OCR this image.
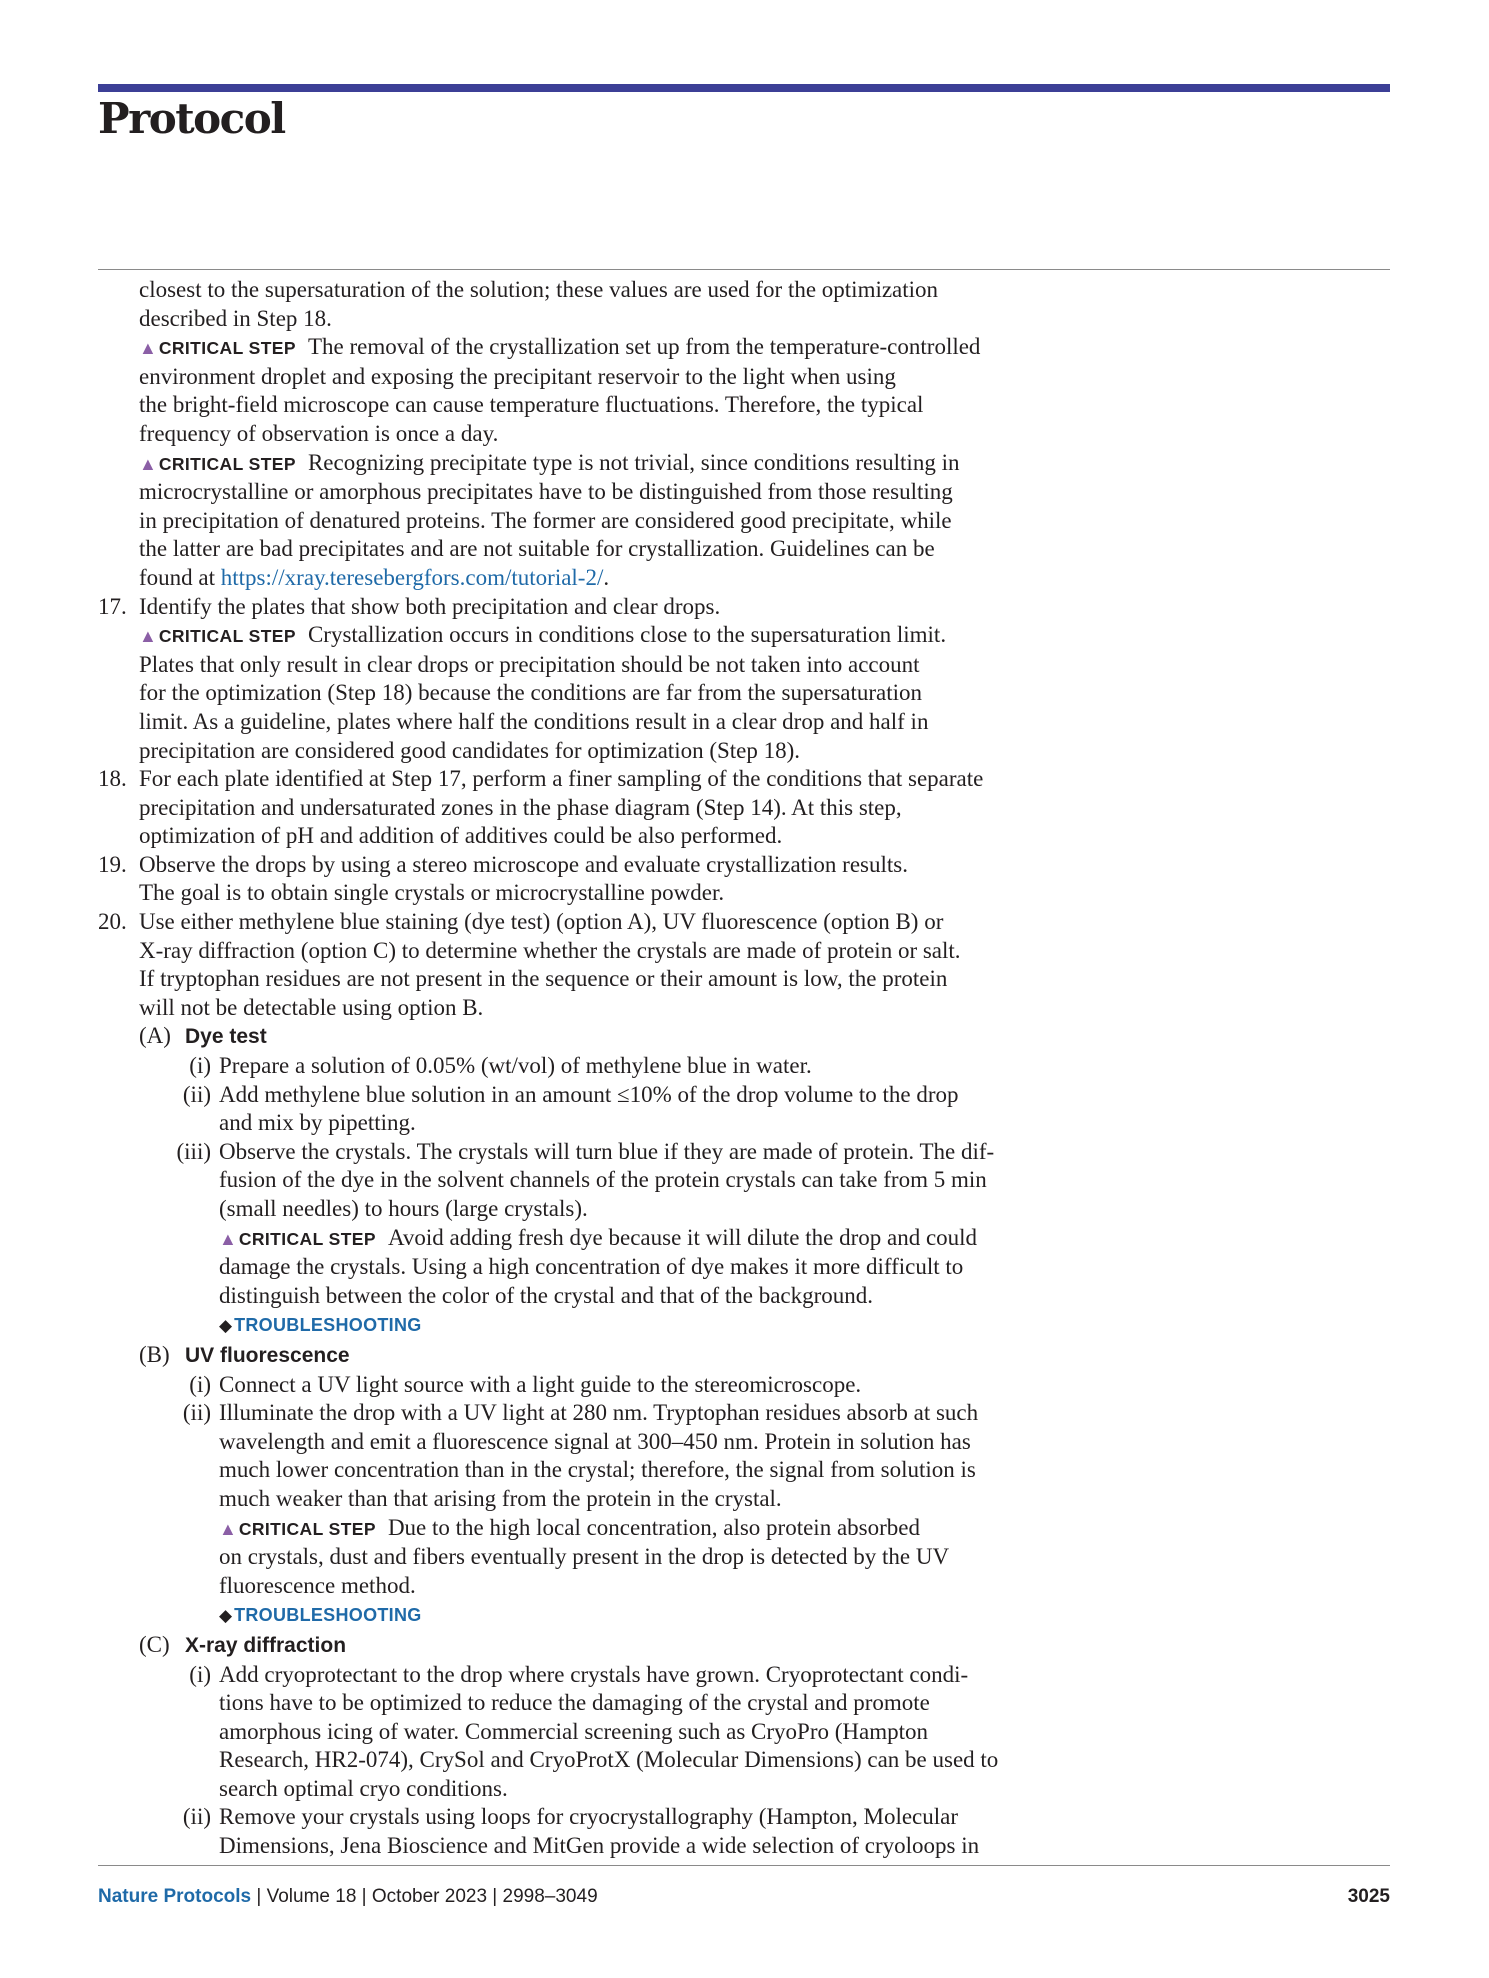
Protocol
closest to the supersaturation of the solution; these values are used for the optimization
described in Step 18.
▲ CRITICAL STEP The removal of the crystallization set up from the temperature-controlled
environment droplet and exposing the precipitant reservoir to the light when using
the bright-field microscope can cause temperature fluctuations. Therefore, the typical
frequency of observation is once a day.
▲ CRITICAL STEP Recognizing precipitate type is not trivial, since conditions resulting in
microcrystalline or amorphous precipitates have to be distinguished from those resulting
in precipitation of denatured proteins. The former are considered good precipitate, while
the latter are bad precipitates and are not suitable for crystallization. Guidelines can be
found at https://xray.teresebergfors.com/tutorial-2/.
17. Identify the plates that show both precipitation and clear drops.
▲ CRITICAL STEP Crystallization occurs in conditions close to the supersaturation limit.
Plates that only result in clear drops or precipitation should be not taken into account
for the optimization (Step 18) because the conditions are far from the supersaturation
limit. As a guideline, plates where half the conditions result in a clear drop and half in
precipitation are considered good candidates for optimization (Step 18).
18. For each plate identified at Step 17, perform a finer sampling of the conditions that separate
precipitation and undersaturated zones in the phase diagram (Step 14). At this step,
optimization of pH and addition of additives could be also performed.
19. Observe the drops by using a stereo microscope and evaluate crystallization results.
The goal is to obtain single crystals or microcrystalline powder.
20. Use either methylene blue staining (dye test) (option A), UV fluorescence (option B) or
X-ray diffraction (option C) to determine whether the crystals are made of protein or salt.
If tryptophan residues are not present in the sequence or their amount is low, the protein
will not be detectable using option B.
(A) Dye test
(i) Prepare a solution of 0.05% (wt/vol) of methylene blue in water.
(ii) Add methylene blue solution in an amount ≤10% of the drop volume to the drop
and mix by pipetting.
(iii) Observe the crystals. The crystals will turn blue if they are made of protein. The dif-
fusion of the dye in the solvent channels of the protein crystals can take from 5 min
(small needles) to hours (large crystals).
▲ CRITICAL STEP Avoid adding fresh dye because it will dilute the drop and could
damage the crystals. Using a high concentration of dye makes it more difficult to
distinguish between the color of the crystal and that of the background.
◆ TROUBLESHOOTING
(B) UV fluorescence
(i) Connect a UV light source with a light guide to the stereomicroscope.
(ii) Illuminate the drop with a UV light at 280 nm. Tryptophan residues absorb at such
wavelength and emit a fluorescence signal at 300–450 nm. Protein in solution has
much lower concentration than in the crystal; therefore, the signal from solution is
much weaker than that arising from the protein in the crystal.
▲ CRITICAL STEP Due to the high local concentration, also protein absorbed
on crystals, dust and fibers eventually present in the drop is detected by the UV
fluorescence method.
◆ TROUBLESHOOTING
(C) X-ray diffraction
(i) Add cryoprotectant to the drop where crystals have grown. Cryoprotectant condi-
tions have to be optimized to reduce the damaging of the crystal and promote
amorphous icing of water. Commercial screening such as CryoPro (Hampton
Research, HR2-074), CrySol and CryoProtX (Molecular Dimensions) can be used to
search optimal cryo conditions.
(ii) Remove your crystals using loops for cryocrystallography (Hampton, Molecular
Dimensions, Jena Bioscience and MitGen provide a wide selection of cryoloops in
Nature Protocols | Volume 18 | October 2023 | 2998–3049	3025
